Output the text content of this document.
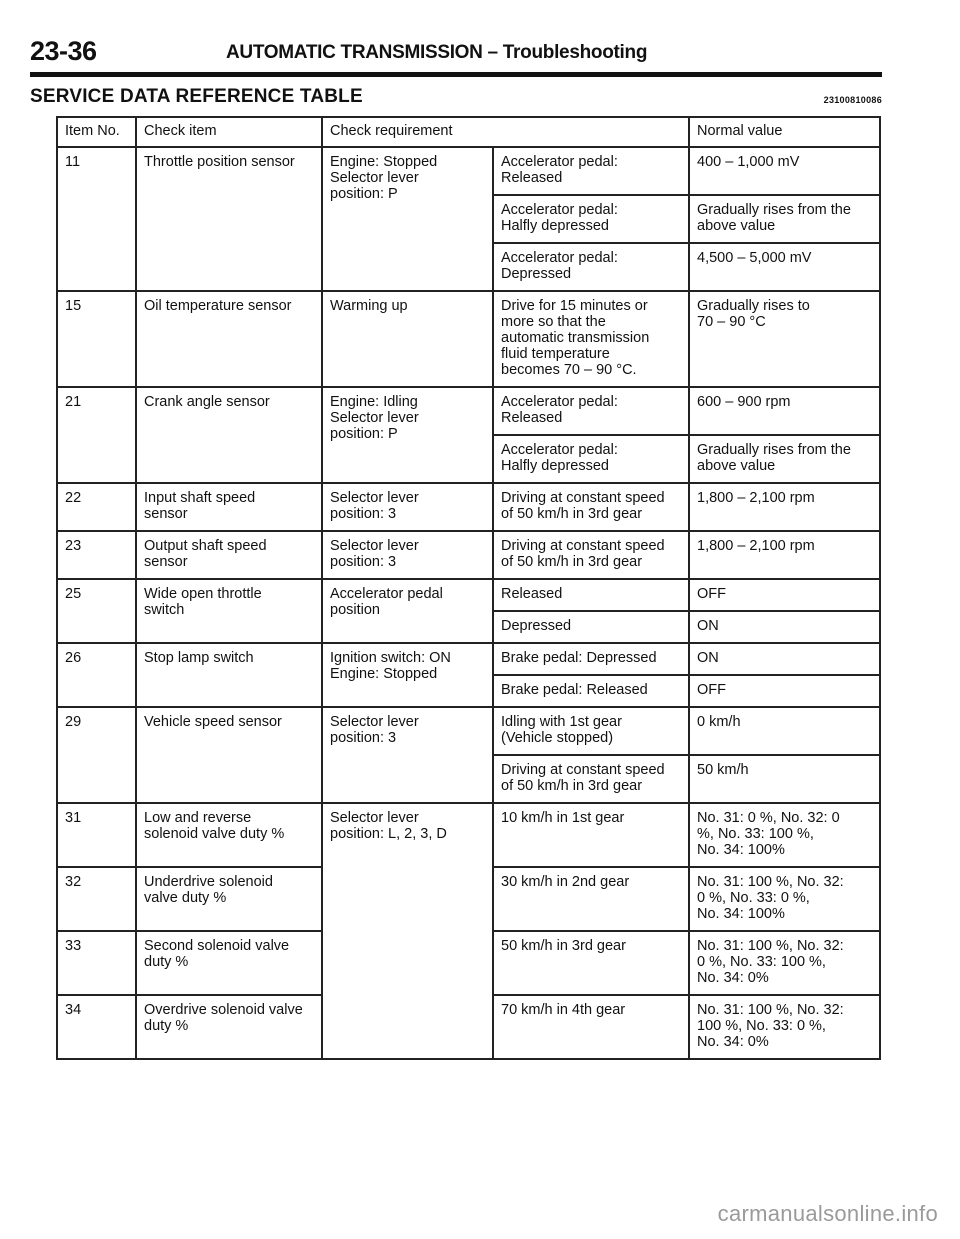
23-36	AUTOMATIC TRANSMISSION – Troubleshooting
SERVICE DATA REFERENCE TABLE	23100810086
Item No.	Check item	Check requirement		Normal value
11	Throttle position sensor	Engine: Stopped
Selector lever
position: P	Accelerator pedal:
Released	400 – 1,000 mV
			Accelerator pedal:
Halfly depressed	Gradually rises from the
above value
			Accelerator pedal:
Depressed	4,500 – 5,000 mV
15	Oil temperature sensor	Warming up	Drive for 15 minutes or
more so that the
automatic transmission
fluid temperature
becomes 70 – 90 °C.	Gradually rises to
70 – 90 °C
21	Crank angle sensor	Engine: Idling
Selector lever
position: P	Accelerator pedal:
Released	600 – 900 rpm
			Accelerator pedal:
Halfly depressed	Gradually rises from the
above value
22	Input shaft speed
sensor	Selector lever
position: 3	Driving at constant speed
of 50 km/h in 3rd gear	1,800 – 2,100 rpm
23	Output shaft speed
sensor	Selector lever
position: 3	Driving at constant speed
of 50 km/h in 3rd gear	1,800 – 2,100 rpm
25	Wide open throttle
switch	Accelerator pedal
position	Released	OFF
			Depressed	ON
26	Stop lamp switch	Ignition switch: ON
Engine: Stopped	Brake pedal: Depressed	ON
			Brake pedal: Released	OFF
29	Vehicle speed sensor	Selector lever
position: 3	Idling with 1st gear
(Vehicle stopped)	0 km/h
			Driving at constant speed
of 50 km/h in 3rd gear	50 km/h
31	Low and reverse
solenoid valve duty %	Selector lever
position: L, 2, 3, D	10 km/h in 1st gear	No. 31: 0 %, No. 32: 0
%, No. 33: 100 %,
No. 34: 100%
32	Underdrive solenoid
valve duty %		30 km/h in 2nd gear	No. 31: 100 %, No. 32:
0 %, No. 33: 0 %,
No. 34: 100%
33	Second solenoid valve
duty %		50 km/h in 3rd gear	No. 31: 100 %, No. 32:
0 %, No. 33: 100 %,
No. 34: 0%
34	Overdrive solenoid valve
duty %		70 km/h in 4th gear	No. 31: 100 %, No. 32:
100 %, No. 33: 0 %,
No. 34: 0%
carmanualsonline.info
